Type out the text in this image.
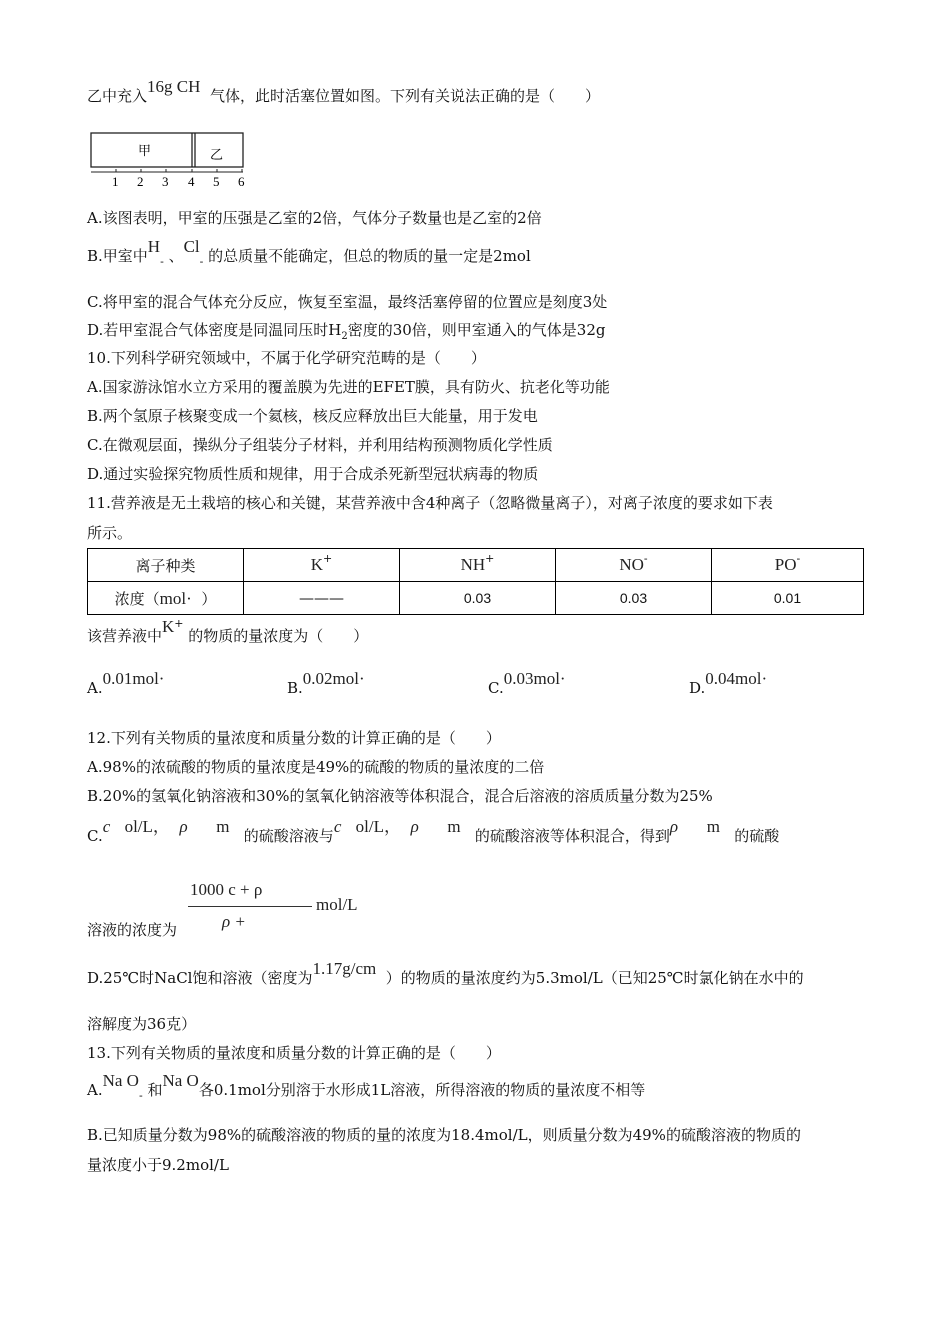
乙中充入16g CH 气体，此时活塞位置如图。下列有关说法正确的是（　　）
甲	乙
1 2 3 4 5 6
A.该图表明，甲室的压强是乙室的2倍，气体分子数量也是乙室的2倍
B.甲室中$H_-$ 、$Cl_-$ 的总质量不能确定，但总的物质的量一定是2mol
C.将甲室的混合气体充分反应，恢复至室温，最终活塞停留的位置应是刻度3处
D.若甲室混合气体密度是同温同压时$H_2$密度的30倍，则甲室通入的气体是32g
10.下列科学研究领域中，不属于化学研究范畴的是（　　）
A.国家游泳馆水立方采用的覆盖膜为先进的EFET膜，具有防火、抗老化等功能
B.两个氢原子核聚变成一个氦核，核反应释放出巨大能量，用于发电
C.在微观层面，操纵分子组装分子材料，并利用结构预测物质化学性质
D.通过实验探究物质性质和规律，用于合成杀死新型冠状病毒的物质
11.营养液是无土栽培的核心和关键，某营养液中含4种离子（忽略微量离子），对离子浓度的要求如下表
所示。
离子种类	K+	NH+	NO-	PO-
浓度（mol· ）	———	0.03	0.03	0.01
该营养液中K+ 的物质的量浓度为（　　）
A.0.01mol·	B.0.02mol·	C.0.03mol·	D.0.04mol·
12.下列有关物质的量浓度和质量分数的计算正确的是（　　）
A.98%的浓硫酸的物质的量浓度是49%的硫酸的物质的量浓度的二倍
B.20%的氢氧化钠溶液和30%的氢氧化钠溶液等体积混合，混合后溶液的溶质质量分数为25%
C.c ol/L， ρ m 的硫酸溶液与c ol/L， ρ m 的硫酸溶液等体积混合，得到ρ m 的硫酸
1000 c + ρ
mol/L
ρ +
溶液的浓度为
D.25℃时NaCl饱和溶液（密度为1.17g/cm ）的物质的量浓度约为5.3mol/L（已知25℃时氯化钠在水中的
溶解度为36克）
13.下列有关物质的量浓度和质量分数的计算正确的是（　　）
A.Na $O_-$ 和Na O各0.1mol分别溶于水形成1L溶液，所得溶液的物质的量浓度不相等
B.已知质量分数为98%的硫酸溶液的物质的量的浓度为18.4mol/L，则质量分数为49%的硫酸溶液的物质的
量浓度小于9.2mol/L
